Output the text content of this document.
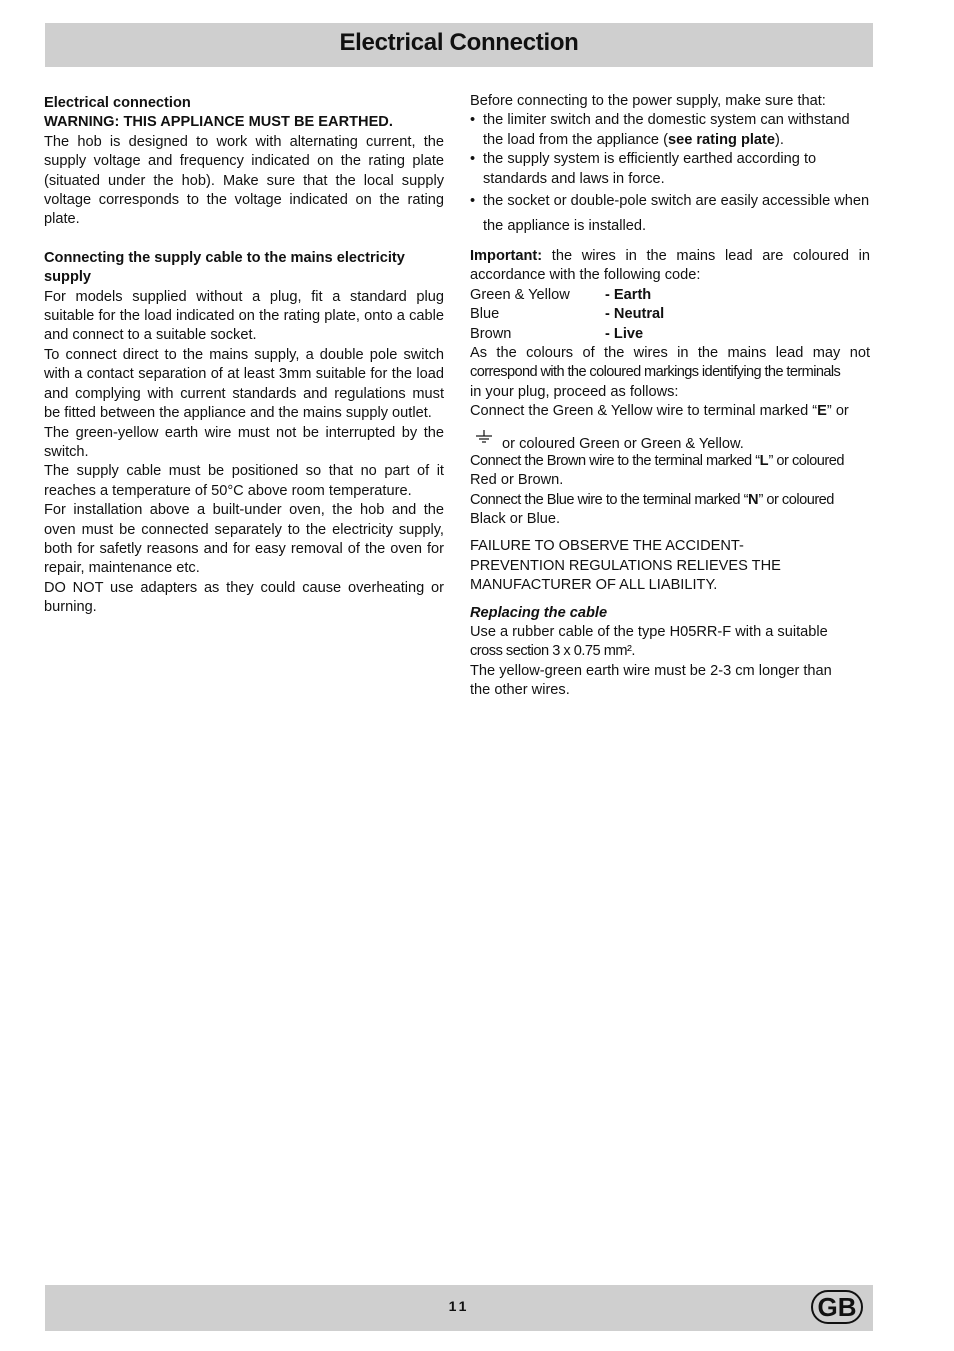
Electrical Connection

Electrical connection

WARNING: THIS APPLIANCE MUST BE EARTHED.

The hob is designed to work with alternating current, the supply voltage and frequency indicated on the rating plate (situated under the hob). Make sure that the local supply voltage corresponds to the voltage indicated on the rating plate.

Connecting the supply cable to the mains electricity supply

For models supplied without a plug, fit a standard plug suitable for the load indicated on the rating plate, onto a cable and connect to a suitable socket.

To connect direct to the mains supply, a double pole switch with a contact separation of at least 3mm suitable for the load and complying with current standards and regulations must be fitted between the appliance and the mains supply outlet.

The green-yellow earth wire must not be interrupted by the switch.

The supply cable must be positioned so that no part of it reaches a temperature of 50°C above room temperature.

For installation above a built-under oven, the hob and the oven must be connected separately to the electricity supply, both for safetly reasons and for easy removal of the oven for repair, maintenance etc.

DO NOT use adapters as they could cause overheating or burning.

Before connecting to the power supply, make sure that:

• the limiter switch and the domestic system can withstand the load from the appliance (see rating plate).
• the supply system is efficiently earthed according to standards and laws in force.
• the socket or double-pole switch are easily accessible when the appliance is installed.

Important: the wires in the mains lead are coloured in accordance with the following code:

Green & Yellow	- Earth
Blue	- Neutral
Brown	- Live

As the colours of the wires in the mains lead may not
correspond with the coloured markings identifying the terminals
in your plug, proceed as follows:

Connect the Green & Yellow wire to terminal marked “E” or

or coloured Green or Green & Yellow.

Connect the Brown wire to the terminal marked “L” or coloured
Red or Brown.

Connect the Blue wire to the terminal marked “N” or coloured
Black or Blue.

FAILURE TO OBSERVE THE ACCIDENT-
PREVENTION REGULATIONS RELIEVES THE
MANUFACTURER OF ALL LIABILITY.

Replacing the cable

Use a rubber cable of the type H05RR-F with a suitable
cross section 3 x 0.75 mm².
The yellow-green earth wire must be 2-3 cm longer than
the other wires.

11	GB
